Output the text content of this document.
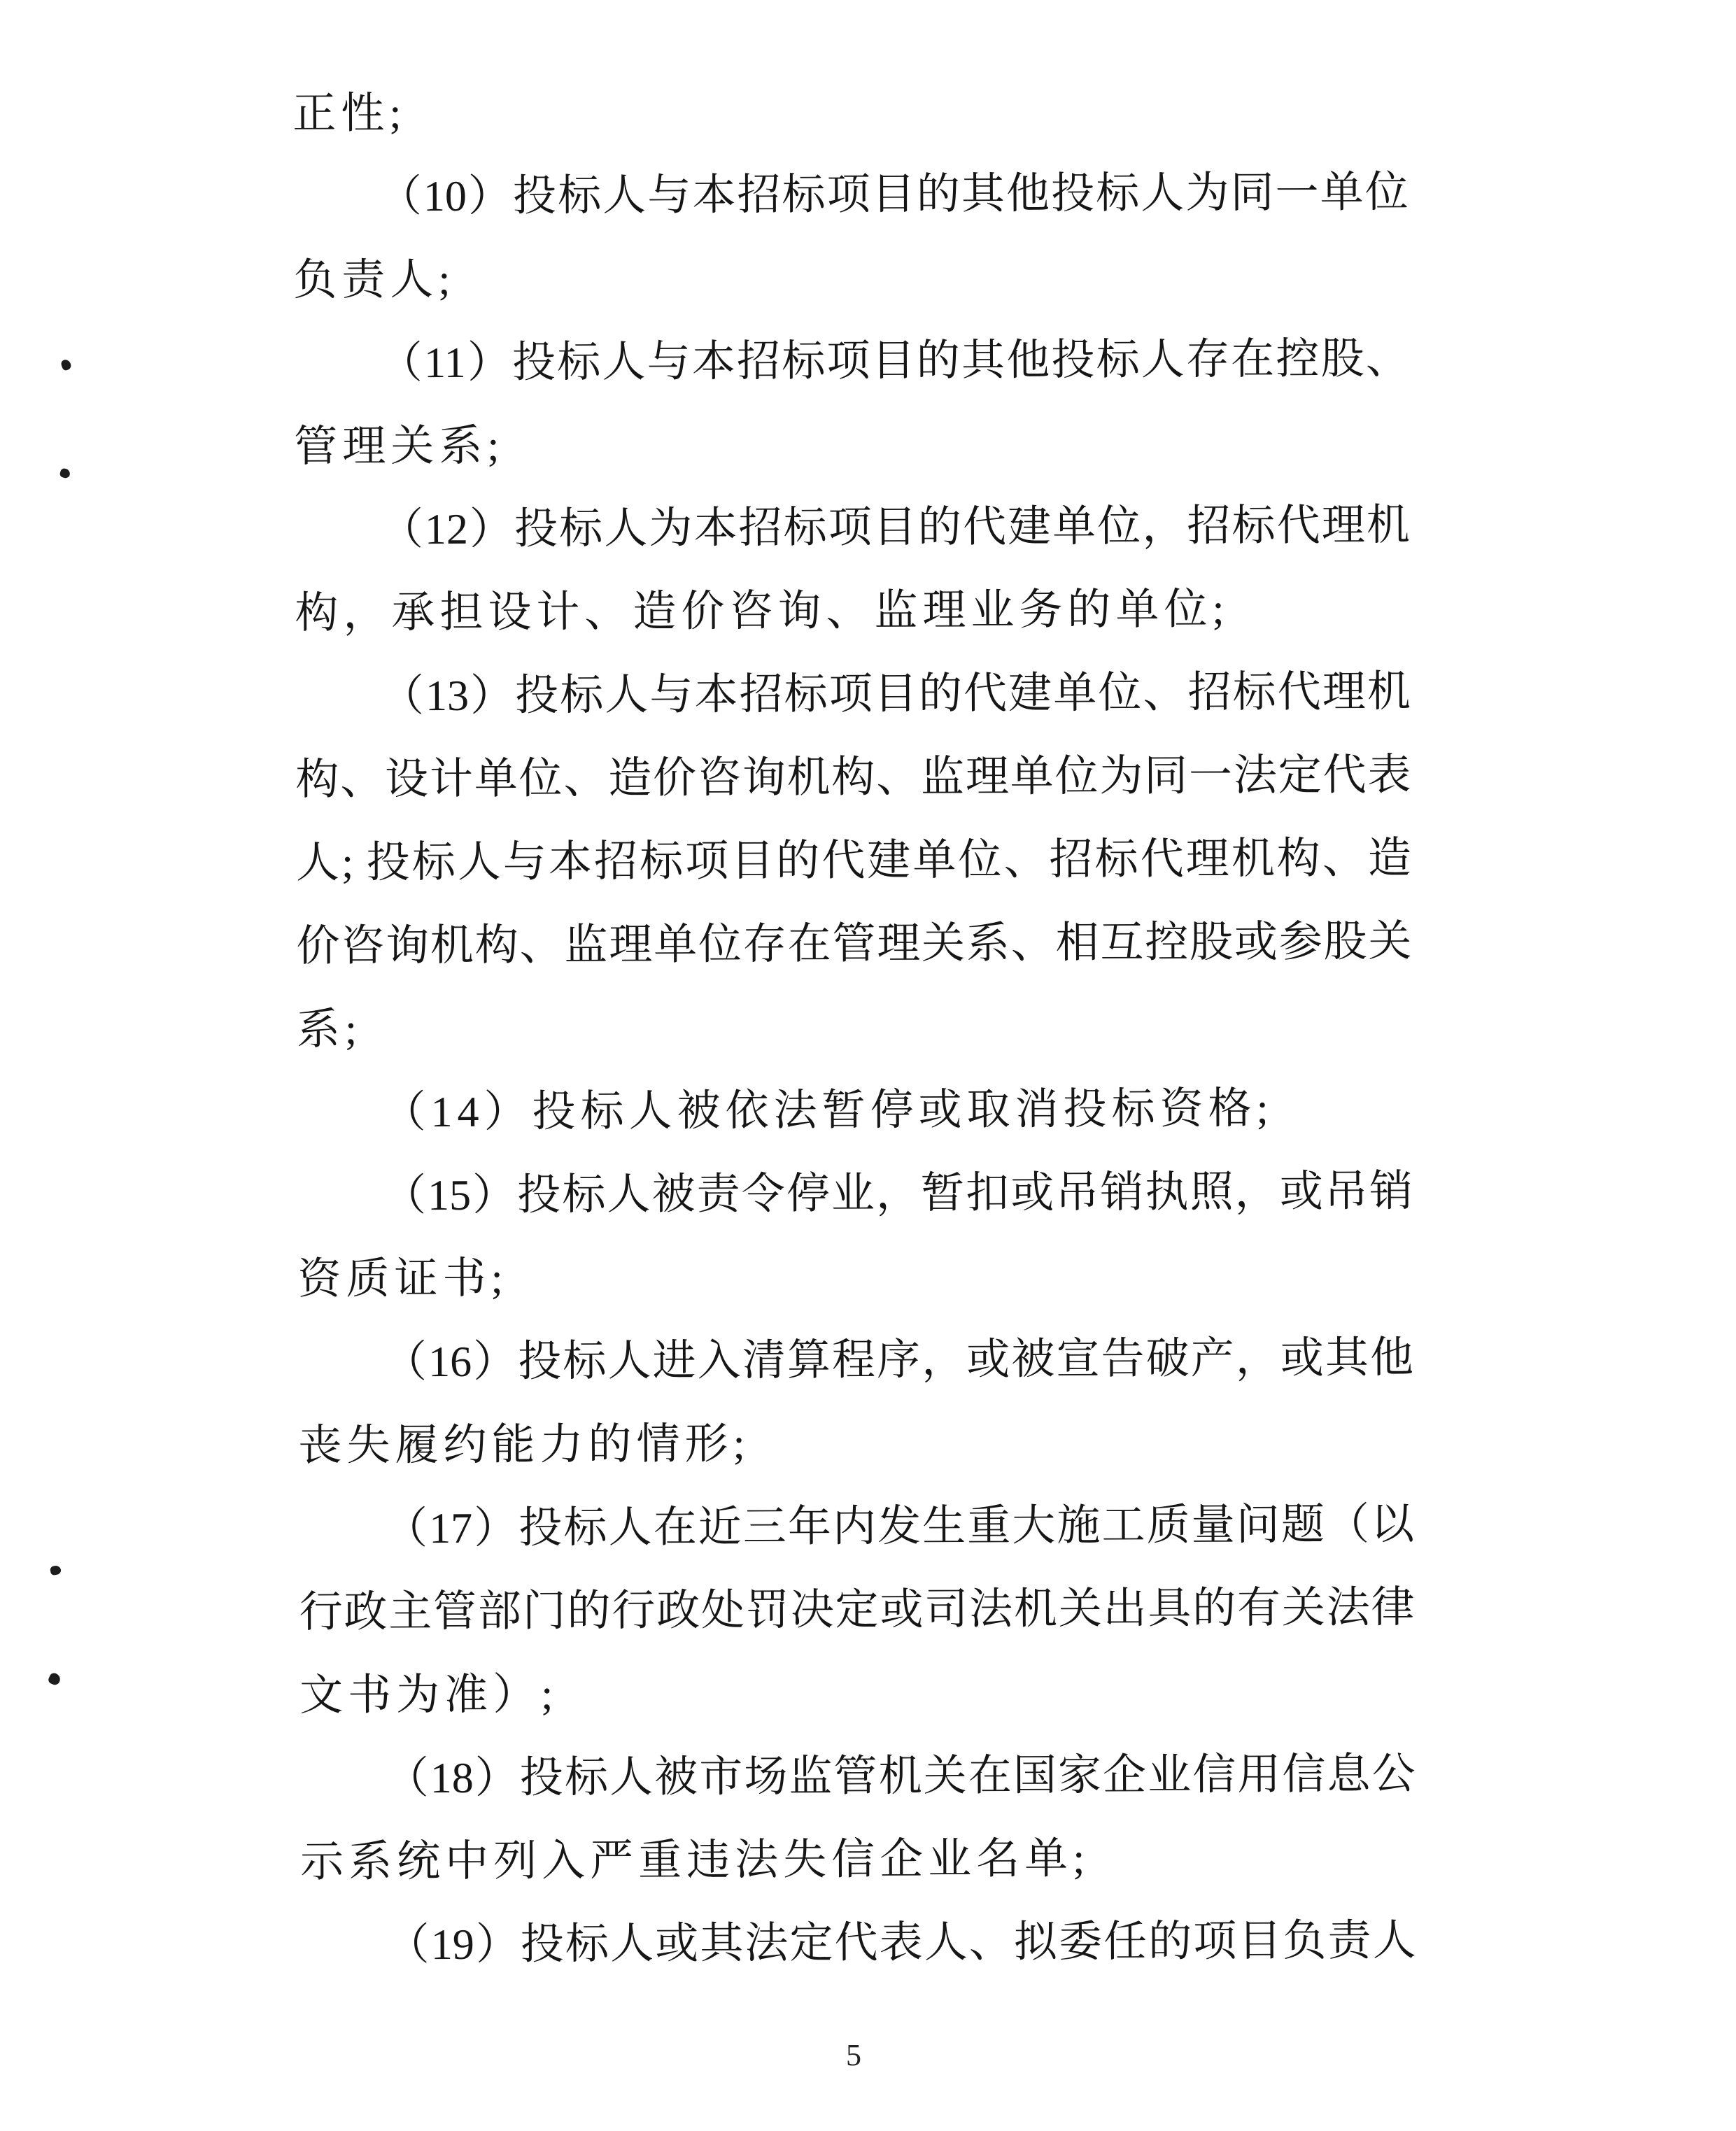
正性;
（10）投标人与本招标项目的其他投标人为同一单位
负责人;
（11）投标人与本招标项目的其他投标人存在控股、
管理关系;
（12）投标人为本招标项目的代建单位，招标代理机
构，承担设计、造价咨询、监理业务的单位;
（13）投标人与本招标项目的代建单位、招标代理机
构、设计单位、造价咨询机构、监理单位为同一法定代表
人; 投标人与本招标项目的代建单位、招标代理机构、造
价咨询机构、监理单位存在管理关系、相互控股或参股关
系;
（14）投标人被依法暂停或取消投标资格;
（15）投标人被责令停业，暂扣或吊销执照，或吊销
资质证书;
（16）投标人进入清算程序，或被宣告破产，或其他
丧失履约能力的情形;
（17）投标人在近三年内发生重大施工质量问题（以
行政主管部门的行政处罚决定或司法机关出具的有关法律
文书为准）;
（18）投标人被市场监管机关在国家企业信用信息公
示系统中列入严重违法失信企业名单;
（19）投标人或其法定代表人、拟委任的项目负责人
5
